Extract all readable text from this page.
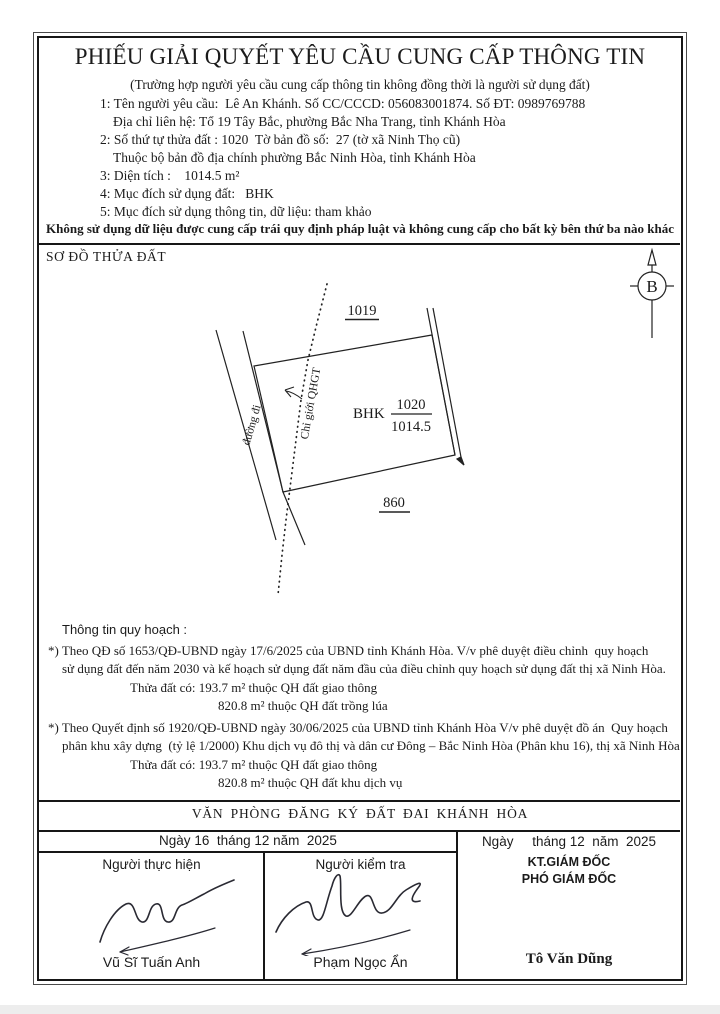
PHIẾU GIẢI QUYẾT YÊU CẦU CUNG CẤP THÔNG TIN
(Trường hợp người yêu cầu cung cấp thông tin không đồng thời là người sử dụng đất)
1: Tên người yêu cầu:  Lê An Khánh. Số CC/CCCD: 056083001874. Số ĐT: 0989769788
Địa chỉ liên hệ: Tổ 19 Tây Bắc, phường Bắc Nha Trang, tỉnh Khánh Hòa
2: Số thứ tự thửa đất : 1020  Tờ bản đồ số:  27 (tờ xã Ninh Thọ cũ)
Thuộc bộ bản đồ địa chính phường Bắc Ninh Hòa, tỉnh Khánh Hòa
3: Diện tích :    1014.5 m²
4: Mục đích sử dụng đất:   BHK
5: Mục đích sử dụng thông tin, dữ liệu: tham khảo
Không sử dụng dữ liệu được cung cấp trái quy định pháp luật và không cung cấp cho bất kỳ bên thứ ba nào khác
SƠ ĐỒ THỬA ĐẤT
B
1019
860
BHK
1020
1014.5
đường đi	Chỉ giới QHGT
Thông tin quy hoạch :
*) Theo QĐ số 1653/QĐ-UBND ngày 17/6/2025 của UBND tỉnh Khánh Hòa. V/v phê duyệt điều chỉnh  quy hoạch
sử dụng đất đến năm 2030 và kế hoạch sử dụng đất năm đầu của điều chỉnh quy hoạch sử dụng đất thị xã Ninh Hòa.
Thửa đất có: 193.7 m² thuộc QH đất giao thông
820.8 m² thuộc QH đất trồng lúa
*) Theo Quyết định số 1920/QĐ-UBND ngày 30/06/2025 của UBND tỉnh Khánh Hòa V/v phê duyệt đồ án  Quy hoạch
phân khu xây dựng  (tỷ lệ 1/2000) Khu dịch vụ đô thị và dân cư Đông – Bắc Ninh Hòa (Phân khu 16), thị xã Ninh Hòa
Thửa đất có: 193.7 m² thuộc QH đất giao thông
820.8 m² thuộc QH đất khu dịch vụ
VĂN PHÒNG ĐĂNG KÝ ĐẤT ĐAI KHÁNH HÒA
Ngày 16  tháng 12 năm  2025
Người thực hiện	Người kiểm tra
Ngày     tháng 12  năm  2025
KT.GIÁM ĐỐC
PHÓ GIÁM ĐỐC
Vũ Sĩ Tuấn Anh	Phạm Ngọc Ẩn	Tô Văn Dũng
